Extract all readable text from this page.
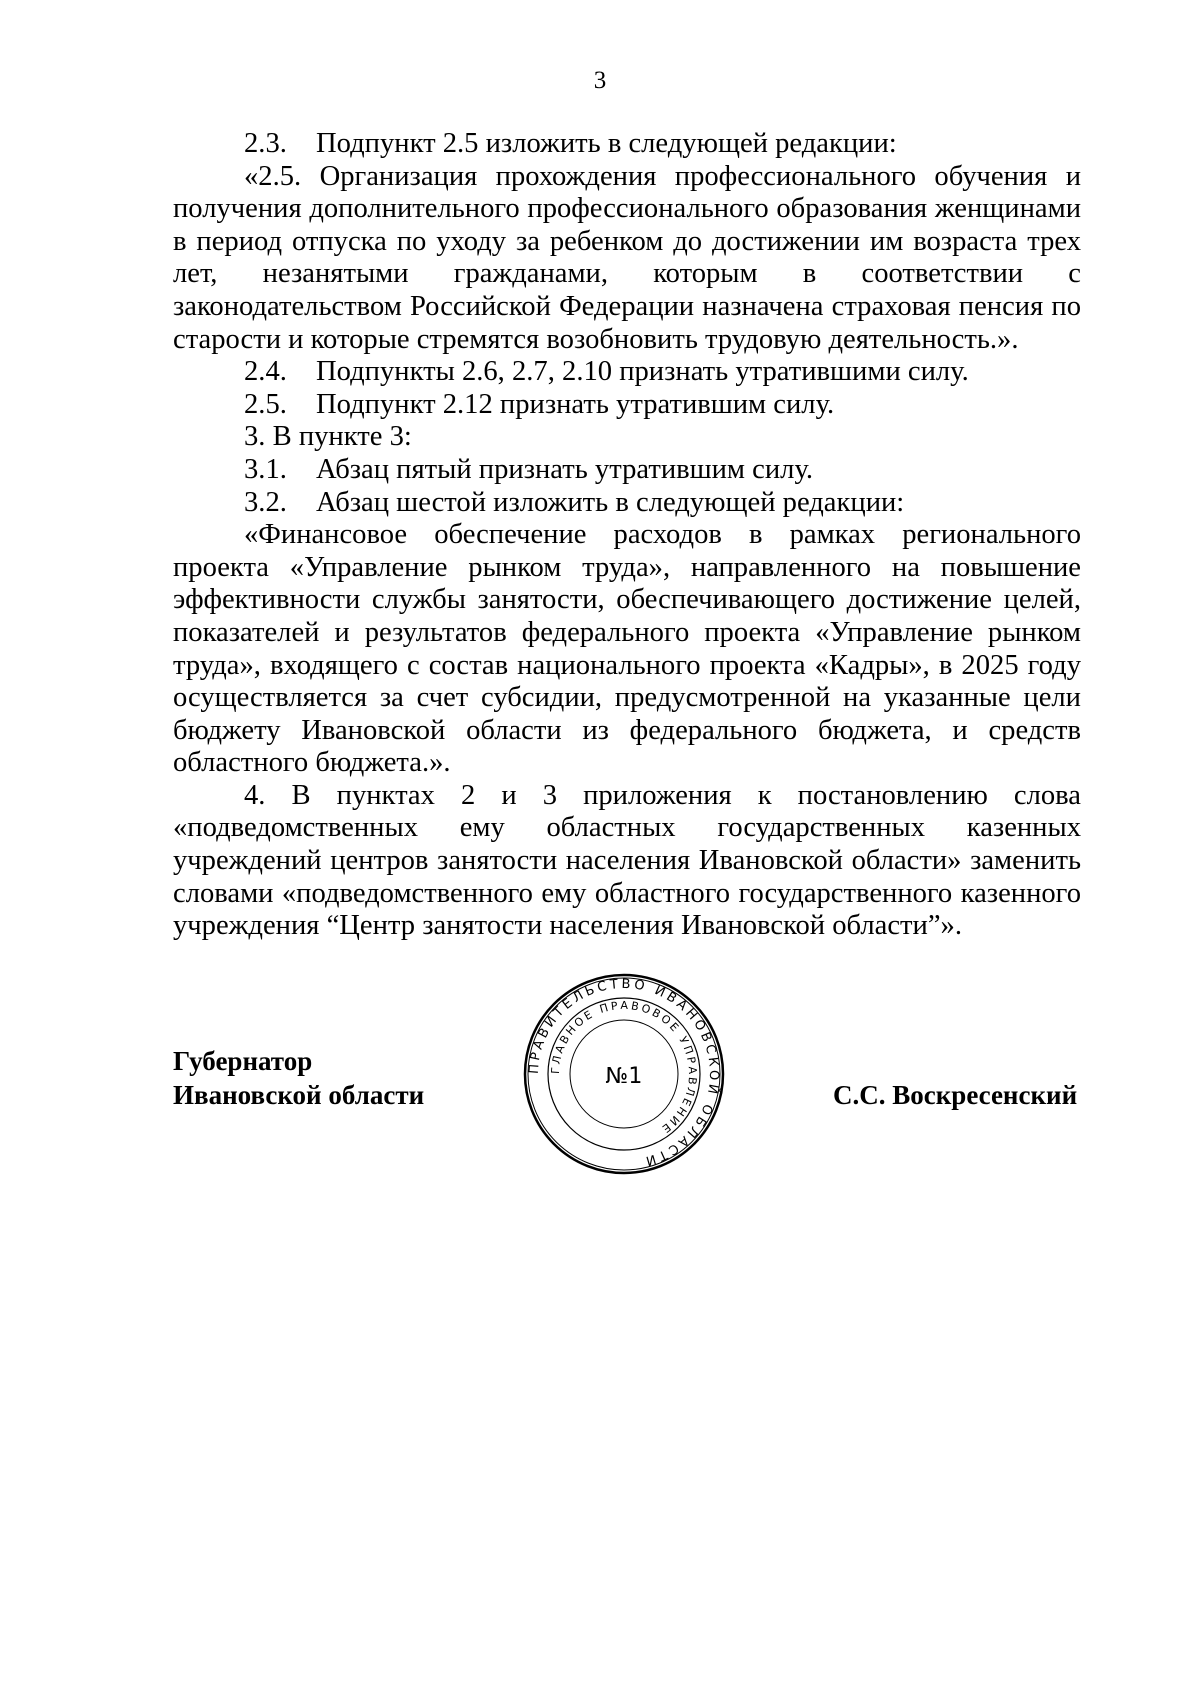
3

2.3. Подпункт 2.5 изложить в следующей редакции:

«2.5. Организация прохождения профессионального обучения и
получения дополнительного профессионального образования женщинами
в период отпуска по уходу за ребенком до достижении им возраста трех
лет, незанятыми гражданами, которым в соответствии с
законодательством Российской Федерации назначена страховая пенсия по
старости и которые стремятся возобновить трудовую деятельность.».

2.4. Подпункты 2.6, 2.7, 2.10 признать утратившими силу.

2.5. Подпункт 2.12 признать утратившим силу.

3. В пункте 3:

3.1. Абзац пятый признать утратившим силу.

3.2. Абзац шестой изложить в следующей редакции:

«Финансовое обеспечение расходов в рамках регионального
проекта «Управление рынком труда», направленного на повышение
эффективности службы занятости, обеспечивающего достижение целей,
показателей и результатов федерального проекта «Управление рынком
труда», входящего с состав национального проекта «Кадры», в 2025 году
осуществляется за счет субсидии, предусмотренной на указанные цели
бюджету Ивановской области из федерального бюджета, и средств
областного бюджета.».

4. В пунктах 2 и 3 приложения к постановлению слова
«подведомственных ему областных государственных казенных
учреждений центров занятости населения Ивановской области» заменить
словами «подведомственного ему областного государственного казенного
учреждения “Центр занятости населения Ивановской области”».

Губернатор
Ивановской области
ПРАВИТЕЛЬСТВО ИВАНОВСКОЙ ОБЛАСТИ
ГЛАВНОЕ ПРАВОВОЕ УПРАВЛЕНИЕ
№1
С.С. Воскресенский
